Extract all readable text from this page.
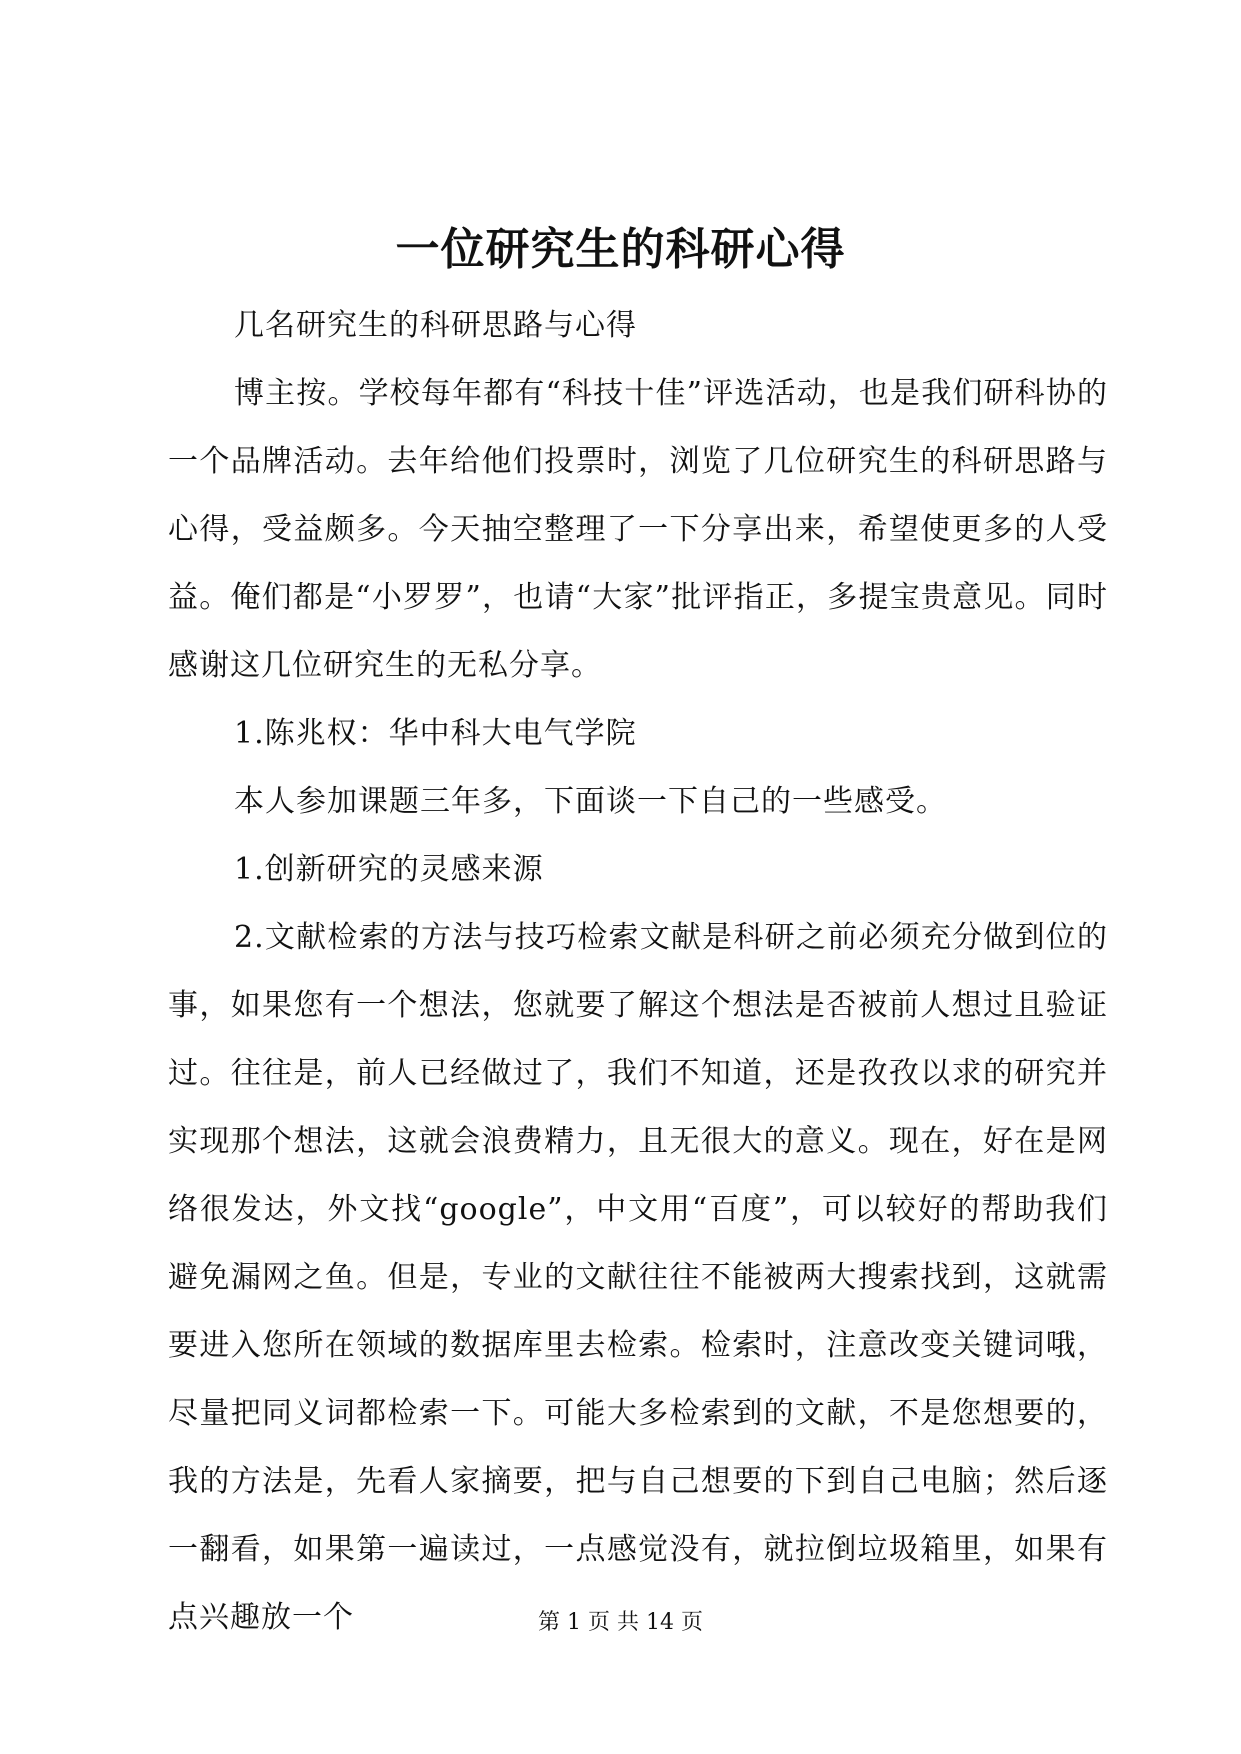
一位研究生的科研心得

几名研究生的科研思路与心得

博主按。学校每年都有“科技十佳”评选活动，也是我们研科协的一个品牌活动。去年给他们投票时，浏览了几位研究生的科研思路与心得，受益颇多。今天抽空整理了一下分享出来，希望使更多的人受益。俺们都是“小罗罗”，也请“大家”批评指正，多提宝贵意见。同时感谢这几位研究生的无私分享。

1.陈兆权：华中科大电气学院

本人参加课题三年多，下面谈一下自己的一些感受。

1.创新研究的灵感来源

2.文献检索的方法与技巧检索文献是科研之前必须充分做到位的事，如果您有一个想法，您就要了解这个想法是否被前人想过且验证过。往往是，前人已经做过了，我们不知道，还是孜孜以求的研究并实现那个想法，这就会浪费精力，且无很大的意义。现在，好在是网络很发达，外文找“google”，中文用“百度”，可以较好的帮助我们避免漏网之鱼。但是，专业的文献往往不能被两大搜索找到，这就需要进入您所在领域的数据库里去检索。检索时，注意改变关键词哦，尽量把同义词都检索一下。可能大多检索到的文献，不是您想要的，我的方法是，先看人家摘要，把与自己想要的下到自己电脑；然后逐一翻看，如果第一遍读过，一点感觉没有，就拉倒垃圾箱里，如果有点兴趣放一个	第 1 页 共 14 页
